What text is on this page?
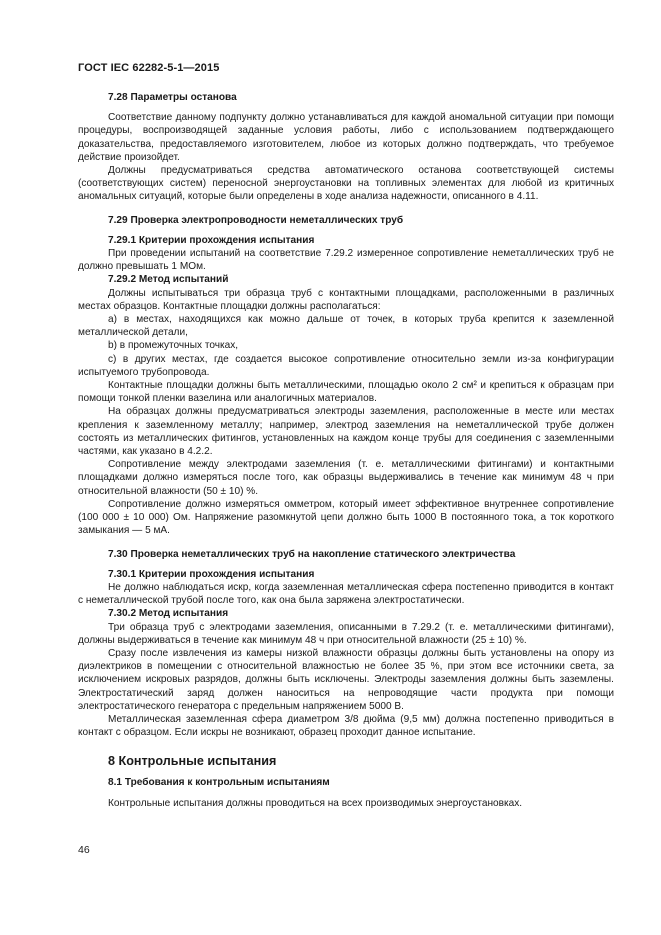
ГОСТ IEC 62282-5-1—2015

7.28 Параметры останова

Соответствие данному подпункту должно устанавливаться для каждой аномальной ситуации при помощи процедуры, воспроизводящей заданные условия работы, либо с использованием подтверждающего доказательства, предоставляемого изготовителем, любое из которых должно подтверждать, что требуемое действие произойдет.

Должны предусматриваться средства автоматического останова соответствующей системы (соответствующих систем) переносной энергоустановки на топливных элементах для любой из критичных аномальных ситуаций, которые были определены в ходе анализа надежности, описанного в 4.11.

7.29 Проверка электропроводности неметаллических труб

7.29.1 Критерии прохождения испытания

При проведении испытаний на соответствие 7.29.2 измеренное сопротивление неметаллических труб не должно превышать 1 МОм.

7.29.2 Метод испытаний

Должны испытываться три образца труб с контактными площадками, расположенными в различных местах образцов. Контактные площадки должны располагаться:

a) в местах, находящихся как можно дальше от точек, в которых труба крепится к заземленной металлической детали,

b) в промежуточных точках,

c) в других местах, где создается высокое сопротивление относительно земли из-за конфигурации испытуемого трубопровода.

Контактные площадки должны быть металлическими, площадью около 2 см² и крепиться к образцам при помощи тонкой пленки вазелина или аналогичных материалов.

На образцах должны предусматриваться электроды заземления, расположенные в месте или местах крепления к заземленному металлу; например, электрод заземления на неметаллической трубе должен состоять из металлических фитингов, установленных на каждом конце трубы для соединения с заземленными частями, как указано в 4.2.2.

Сопротивление между электродами заземления (т. е. металлическими фитингами) и контактными площадками должно измеряться после того, как образцы выдерживались в течение как минимум 48 ч при относительной влажности (50 ± 10) %.

Сопротивление должно измеряться омметром, который имеет эффективное внутреннее сопротивление (100 000 ± 10 000) Ом. Напряжение разомкнутой цепи должно быть 1000 В постоянного тока, а ток короткого замыкания — 5 мА.

7.30 Проверка неметаллических труб на накопление статического электричества

7.30.1 Критерии прохождения испытания

Не должно наблюдаться искр, когда заземленная металлическая сфера постепенно приводится в контакт с неметаллической трубой после того, как она была заряжена электростатически.

7.30.2 Метод испытания

Три образца труб с электродами заземления, описанными в 7.29.2 (т. е. металлическими фитингами), должны выдерживаться в течение как минимум 48 ч при относительной влажности (25 ± 10) %.

Сразу после извлечения из камеры низкой влажности образцы должны быть установлены на опору из диэлектриков в помещении с относительной влажностью не более 35 %, при этом все источники света, за исключением искровых разрядов, должны быть исключены. Электроды заземления должны быть заземлены. Электростатический заряд должен наноситься на непроводящие части продукта при помощи электростатического генератора с предельным напряжением 5000 В.

Металлическая заземленная сфера диаметром 3/8 дюйма (9,5 мм) должна постепенно приводиться в контакт с образцом. Если искры не возникают, образец проходит данное испытание.

8 Контрольные испытания

8.1 Требования к контрольным испытаниям

Контрольные испытания должны проводиться на всех производимых энергоустановках.

46
